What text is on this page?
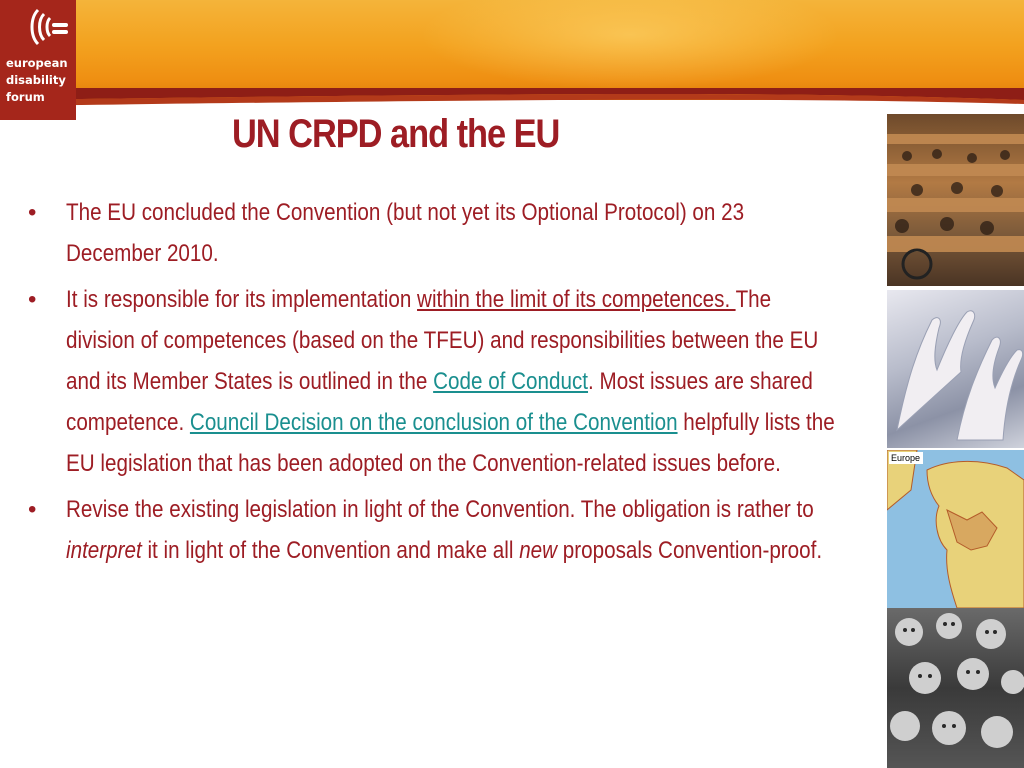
european
disability
forum
UN CRPD and the EU
•	The EU concluded the Convention (but not yet its Optional Protocol) on 23 December 2010.
•	It is responsible for its implementation within the limit of its competences. The division of competences (based on the TFEU) and responsibilities between the EU and its Member States is outlined in the Code of Conduct. Most issues are shared competence. Council Decision on the conclusion of the Convention helpfully lists the EU legislation that has been adopted on the Convention-related issues before.
•	Revise the existing legislation in light of the Convention. The obligation is rather to interpret it in light of the Convention and make all new proposals Convention-proof.
Europe
